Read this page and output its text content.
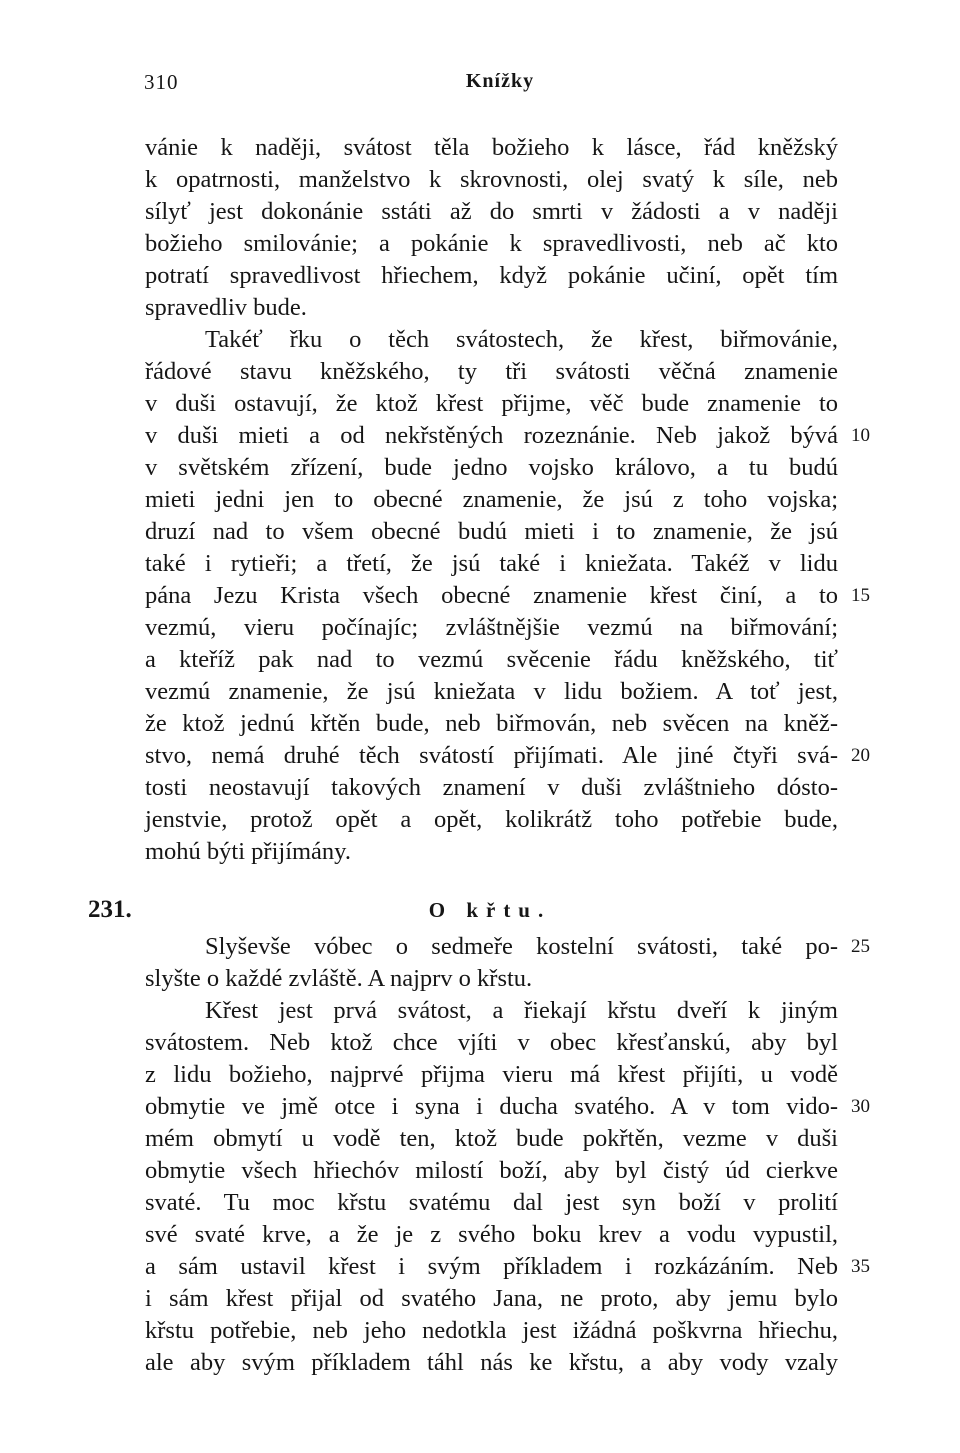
310	Knížky
vánie k naději, svátost těla božieho k lásce, řád kněžský
k opatrnosti, manželstvo k skrovnosti, olej svatý k síle, neb
sílyť jest dokonánie sstáti až do smrti v žádosti a v naději
božieho smilovánie; a pokánie k spravedlivosti, neb ač kto
potratí spravedlivost hřiechem, když pokánie učiní, opět tím
spravedliv bude.
Takéť řku o těch svátostech, že křest, biřmovánie,
řádové stavu kněžského, ty tři svátosti věčná znamenie
v duši ostavují, že ktož křest přijme, věč bude znamenie to
v duši mieti a od nekřstěných rozeznánie. Neb jakož bývá
v světském zřízení, bude jedno vojsko královo, a tu budú
mieti jedni jen to obecné znamenie, že jsú z toho vojska;
druzí nad to všem obecné budú mieti i to znamenie, že jsú
také i rytieři; a třetí, že jsú také i kniežata. Takéž v lidu
pána Jezu Krista všech obecné znamenie křest činí, a to
vezmú, vieru počínajíc; zvláštnějšie vezmú na biřmování;
a kteříž pak nad to vezmú svěcenie řádu kněžského, tiť
vezmú znamenie, že jsú kniežata v lidu božiem. A toť jest,
že ktož jednú křtěn bude, neb biřmován, neb svěcen na kněž-
stvo, nemá druhé těch svátostí přijímati. Ale jiné čtyři svá-
tosti neostavují takových znamení v duši zvláštnieho dósto-
jenstvie, protož opět a opět, kolikrátž toho potřebie bude,
mohú býti přijímány.
231.	O křtu.
Slyševše vóbec o sedmeře kostelní svátosti, také po-
slyšte o každé zvláště. A najprv o křstu.
Křest jest prvá svátost, a řiekají křstu dveří k jiným
svátostem. Neb ktož chce vjíti v obec křesťanskú, aby byl
z lidu božieho, najprvé přijma vieru má křest přijíti, u vodě
obmytie ve jmě otce i syna i ducha svatého. A v tom vido-
mém obmytí u vodě ten, ktož bude pokřtěn, vezme v duši
obmytie všech hřiechóv milostí boží, aby byl čistý úd cierkve
svaté. Tu moc křstu svatému dal jest syn boží v prolití
své svaté krve, a že je z svého boku krev a vodu vypustil,
a sám ustavil křest i svým příkladem i rozkázáním. Neb
i sám křest přijal od svatého Jana, ne proto, aby jemu bylo
křstu potřebie, neb jeho nedotkla jest ižádná poškvrna hřiechu,
ale aby svým příkladem táhl nás ke křstu, a aby vody vzaly
10
15
20
25
30
35
